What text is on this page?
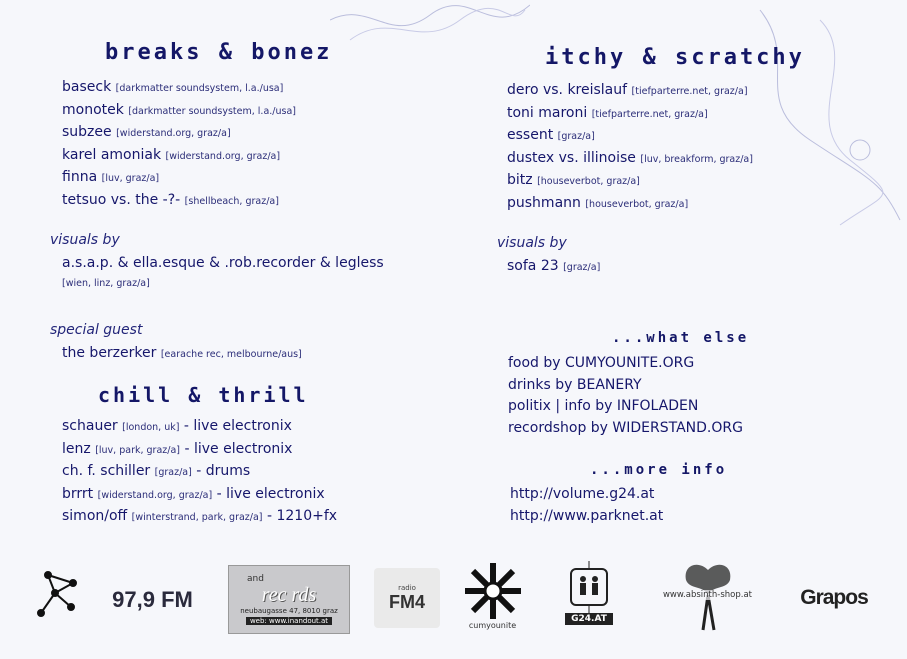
breaks & bonez
baseck [darkmatter soundsystem, l.a./usa]
monotek [darkmatter soundsystem, l.a./usa]
subzee [widerstand.org, graz/a]
karel amoniak [widerstand.org, graz/a]
finna [luv, graz/a]
tetsuo vs. the -?- [shellbeach, graz/a]
visuals by
a.s.a.p. & ella.esque & .rob.recorder & legless
[wien, linz, graz/a]
special guest
the berzerker [earache rec, melbourne/aus]
chill & thrill
schauer [london, uk] - live electronix
lenz [luv, park, graz/a] - live electronix
ch. f. schiller [graz/a] - drums
brrrt [widerstand.org, graz/a] - live electronix
simon/off [winterstrand, park, graz/a] - 1210+fx
itchy & scratchy
dero vs. kreislauf [tiefparterre.net, graz/a]
toni maroni [tiefparterre.net, graz/a]
essent [graz/a]
dustex vs. illinoise [luv, breakform, graz/a]
bitz [houseverbot, graz/a]
pushmann [houseverbot, graz/a]
visuals by
sofa 23 [graz/a]
...what else
food by CUMYOUNITE.ORG
drinks by BEANERY
politix | info by INFOLADEN
recordshop by WIDERSTAND.ORG
...more info
http://volume.g24.at
http://www.parknet.at
97,9 FM
and
rec rds
neubaugasse 47, 8010 graz
web: www.inandout.at
radio
FM4
cumyounite
G24.AT
www.absinth-shop.at Grapos
